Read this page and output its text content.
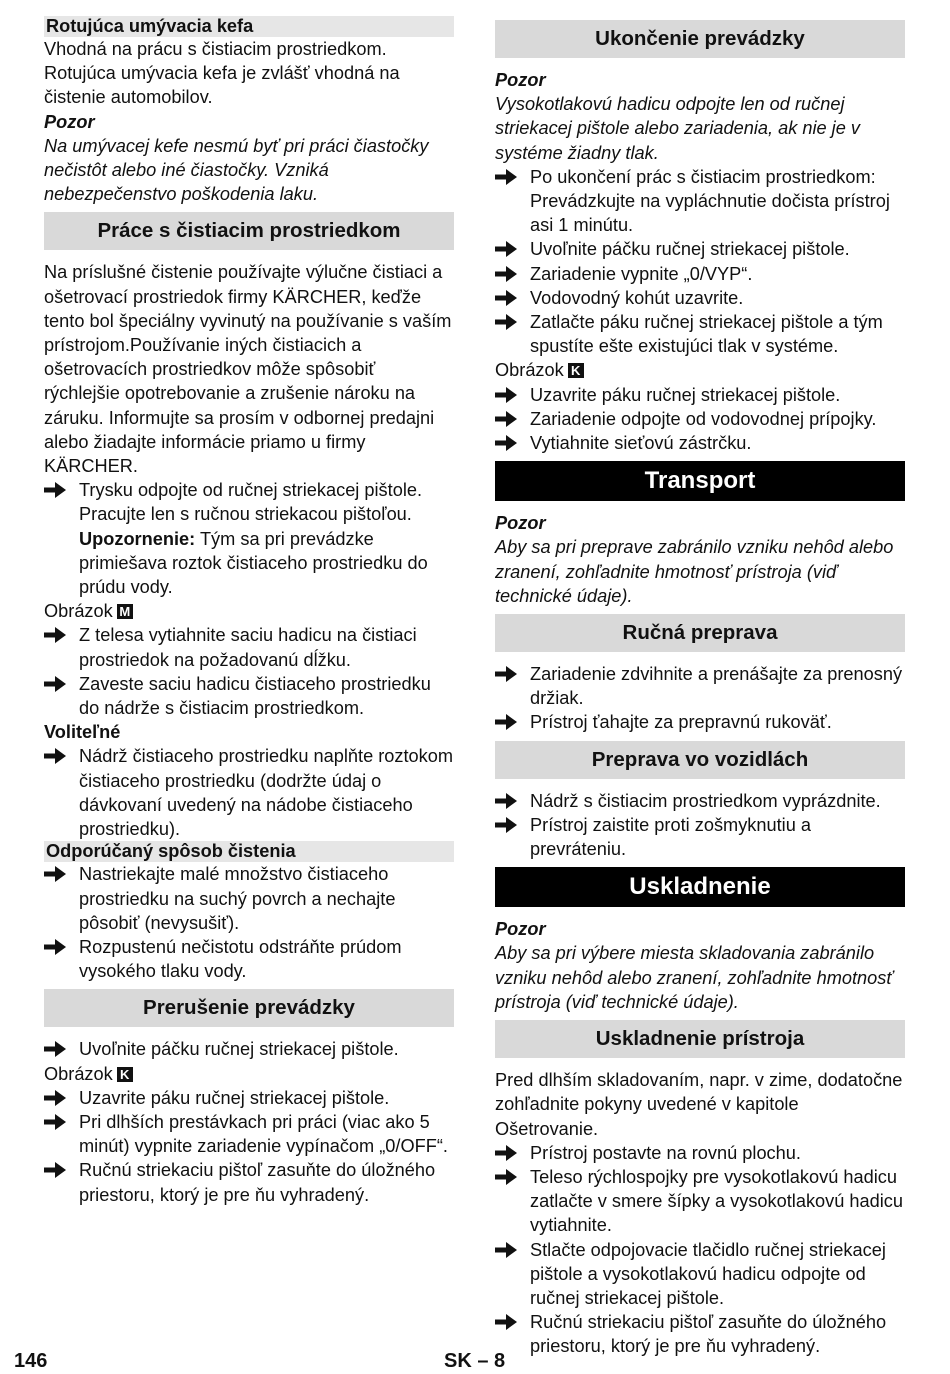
Rotujúca umývacia kefa

Vhodná na prácu s čistiacim prostriedkom. Rotujúca umývacia kefa je zvlášť vhodná na čistenie automobilov.

Pozor

Na umývacej kefe nesmú byť pri práci čiastočky nečistôt alebo iné čiastočky. Vzniká nebezpečenstvo poškodenia laku.

Práce s čistiacim prostriedkom

Na príslušné čistenie používajte výlučne čistiaci a ošetrovací prostriedok firmy KÄRCHER, keďže tento bol špeciálny vyvinutý na používanie s vaším prístrojom.Používanie iných čistiacich a ošetrovacích prostriedkov môže spôsobiť rýchlejšie opotrebovanie a zrušenie nároku na záruku. Informujte sa prosím v odbornej predajni alebo žiadajte informácie priamo u firmy KÄRCHER.

Trysku odpojte od ručnej striekacej pištole. Pracujte len s ručnou striekacou pištoľou.

Upozornenie: Tým sa pri prevádzke primiešava roztok čistiaceho prostriedku do prúdu vody.

Obrázok M

Z telesa vytiahnite saciu hadicu na čistiaci prostriedok na požadovanú dĺžku.
Zaveste saciu hadicu čistiaceho prostriedku do nádrže s čistiacim prostriedkom.

Voliteľné

Nádrž čistiaceho prostriedku naplňte roztokom čistiaceho prostriedku (dodržte údaj o dávkovaní uvedený na nádobe čistiaceho prostriedku).

Odporúčaný spôsob čistenia

Nastriekajte malé množstvo čistiaceho prostriedku na suchý povrch a nechajte pôsobiť (nevysušiť).
Rozpustenú nečistotu odstráňte prúdom vysokého tlaku vody.
Prerušenie prevádzky
Uvoľnite páčku ručnej striekacej pištole.

Obrázok K

Uzavrite páku ručnej striekacej pištole.
Pri dlhších prestávkach pri práci (viac ako 5 minút) vypnite zariadenie vypínačom „0/OFF“.
Ručnú striekaciu pištoľ zasuňte do úložného priestoru, ktorý je pre ňu vyhradený.
Ukončenie prevádzky

Pozor

Vysokotlakovú hadicu odpojte len od ručnej striekacej pištole alebo zariadenia, ak nie je v systéme žiadny tlak.

Po ukončení prác s čistiacim prostriedkom: Prevádzkujte na vypláchnutie dočista prístroj asi 1 minútu.
Uvoľnite páčku ručnej striekacej pištole.
Zariadenie vypnite „0/VYP“.
Vodovodný kohút uzavrite.
Zatlačte páku ručnej striekacej pištole a tým spustíte ešte existujúci tlak v systéme.

Obrázok K

Uzavrite páku ručnej striekacej pištole.
Zariadenie odpojte od vodovodnej prípojky.
Vytiahnite sieťovú zástrčku.
Transport

Pozor

Aby sa pri preprave zabránilo vzniku nehôd alebo zranení, zohľadnite hmotnosť prístroja (viď technické údaje).

Ručná preprava
Zariadenie zdvihnite a prenášajte za prenosný držiak.
Prístroj ťahajte za prepravnú rukoväť.
Preprava vo vozidlách
Nádrž s čistiacim prostriedkom vyprázdnite.
Prístroj zaistite proti zošmyknutiu a prevráteniu.
Uskladnenie

Pozor

Aby sa pri výbere miesta skladovania zabránilo vzniku nehôd alebo zranení, zohľadnite hmotnosť prístroja (viď technické údaje).

Uskladnenie prístroja

Pred dlhším skladovaním, napr. v zime, dodatočne zohľadnite pokyny uvedené v kapitole Ošetrovanie.

Prístroj postavte na rovnú plochu.
Teleso rýchlospojky pre vysokotlakovú hadicu zatlačte v smere šípky a vysokotlakovú hadicu vytiahnite.
Stlačte odpojovacie tlačidlo ručnej striekacej pištole a vysokotlakovú hadicu odpojte od ručnej striekacej pištole.
Ručnú striekaciu pištoľ zasuňte do úložného priestoru, ktorý je pre ňu vyhradený.
146	SK – 8
